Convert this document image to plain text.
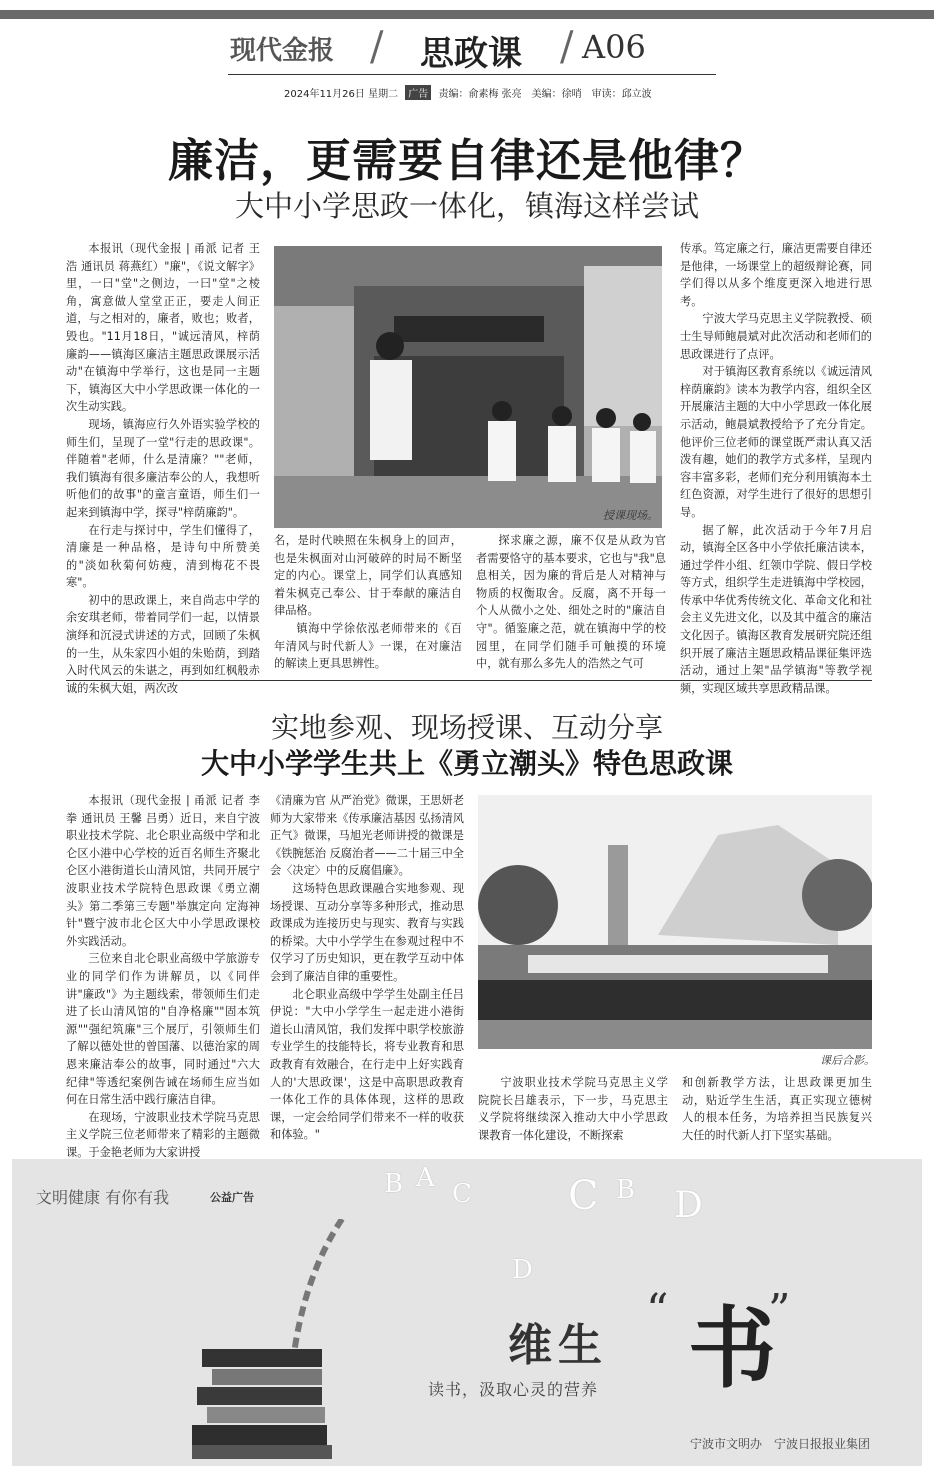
现代金报 / 思政课 / A06
2024年11月26日 星期二 广告 责编：俞素梅 张亮　美编：徐哨　审读：邱立波
廉洁，更需要自律还是他律？
大中小学思政一体化，镇海这样尝试

本报讯（现代金报 | 甬派 记者 王浩 通讯员 蒋燕红）"廉"，《说文解字》里，一曰"堂"之侧边，一曰"堂"之棱角，寓意做人堂堂正正，要走人间正道，与之相对的，廉者，败也；败者，毁也。"11月18日，"诚远清风，梓荫廉韵——镇海区廉洁主题思政课展示活动"在镇海中学举行，这也是同一主题下，镇海区大中小学思政课一体化的一次生动实践。

现场，镇海应行久外语实验学校的师生们，呈现了一堂"行走的思政课"。伴随着"老师，什么是清廉？""老师，我们镇海有很多廉洁奉公的人，我想听听他们的故事"的童言童语，师生们一起来到镇海中学，探寻"梓荫廉韵"。

在行走与探讨中，学生们懂得了，清廉是一种品格，是诗句中所赞美的"淡如秋菊何妨瘦，清到梅花不畏寒"。

初中的思政课上，来自尚志中学的余安琪老师，带着同学们一起，以情景演绎和沉浸式讲述的方式，回顾了朱枫的一生，从朱家四小姐的朱贻荫，到踏入时代风云的朱谌之，再到如红枫般赤诚的朱枫大姐，两次改

授课现场。

名，是时代映照在朱枫身上的回声，也是朱枫面对山河破碎的时局不断坚定的内心。课堂上，同学们认真感知着朱枫克己奉公、甘于奉献的廉洁自律品格。

镇海中学徐依泓老师带来的《百年清风与时代新人》一课，在对廉洁的解读上更具思辨性。

探求廉之源，廉不仅是从政为官者需要恪守的基本要求，它也与"我"息息相关，因为廉的背后是人对精神与物质的权衡取舍。反腐，离不开每一个人从微小之处、细处之时的"廉洁自守"。循鉴廉之范，就在镇海中学的校园里，在同学们随手可触摸的环境中，就有那么多先人的浩然之气可

传承。笃定廉之行，廉洁更需要自律还是他律，一场课堂上的超级辩论赛，同学们得以从多个维度更深入地进行思考。

宁波大学马克思主义学院教授、硕士生导师鲍晨斌对此次活动和老师们的思政课进行了点评。

对于镇海区教育系统以《诚远清风 梓荫廉韵》读本为教学内容，组织全区开展廉洁主题的大中小学思政一体化展示活动，鲍晨斌教授给予了充分肯定。他评价三位老师的课堂既严肃认真又活泼有趣，她们的教学方式多样，呈现内容丰富多彩，老师们充分利用镇海本土红色资源，对学生进行了很好的思想引导。

据了解，此次活动于今年7月启动，镇海全区各中小学依托廉洁读本，通过学件小组、红领巾学院、假日学校等方式，组织学生走进镇海中学校园，传承中华优秀传统文化、革命文化和社会主义先进文化，以及其中蕴含的廉洁文化因子。镇海区教育发展研究院还组织开展了廉洁主题思政精品课征集评选活动，通过上架"品学镇海"等教学视频，实现区域共享思政精品课。

实地参观、现场授课、互动分享
大中小学学生共上《勇立潮头》特色思政课

本报讯（现代金报 | 甬派 记者 李拳 通讯员 王馨 吕勇）近日，来自宁波职业技术学院、北仑职业高级中学和北仑区小港中心学校的近百名师生齐聚北仑区小港街道长山清风馆，共同开展宁波职业技术学院特色思政课《勇立潮头》第二季第三专题"举旗定向 定海神针"暨宁波市北仑区大中小学思政课校外实践活动。

三位来自北仑职业高级中学旅游专业的同学们作为讲解员，以《同伴讲"廉政"》为主题线索，带领师生们走进了长山清风馆的"自净格廉""固本筑源""强纪筑廉"三个展厅，引领师生们了解以德处世的曾国藩、以德治家的周恩来廉洁奉公的故事，同时通过"六大纪律"等透纪案例告诫在场师生应当如何在日常生活中践行廉洁自律。

在现场，宁波职业技术学院马克思主义学院三位老师带来了精彩的主题微课。于金艳老师为大家讲授

《清廉为官 从严治党》微课，王思妍老师为大家带来《传承廉洁基因 弘扬清风正气》微课，马旭光老师讲授的微课是《铁腕惩治 反腐治者——二十届三中全会〈决定〉中的反腐倡廉》。

这场特色思政课融合实地参观、现场授课、互动分享等多种形式，推动思政课成为连接历史与现实、教育与实践的桥梁。大中小学学生在参观过程中不仅学习了历史知识，更在教学互动中体会到了廉洁自律的重要性。

北仑职业高级中学学生处副主任吕伊说："大中小学学生一起走进小港街道长山清风馆，我们发挥中职学校旅游专业学生的技能特长，将专业教育和思政教育有效融合，在行走中上好实践育人的'大思政课'，这是中高职思政教育一体化工作的具体体现，这样的思政课，一定会给同学们带来不一样的收获和体验。"

课后合影。

宁波职业技术学院马克思主义学院院长吕雄表示，下一步，马克思主义学院将继续深入推动大中小学思政课教育一体化建设，不断探索

和创新教学方法，让思政课更加生动，贴近学生生活，真正实现立德树人的根本任务，为培养担当民族复兴大任的时代新人打下坚实基础。

文明健康 有你有我	公益广告	B A
C C B D
D
维生
“ 书
”
读书，汲取心灵的营养
宁波市文明办　宁波日报报业集团
